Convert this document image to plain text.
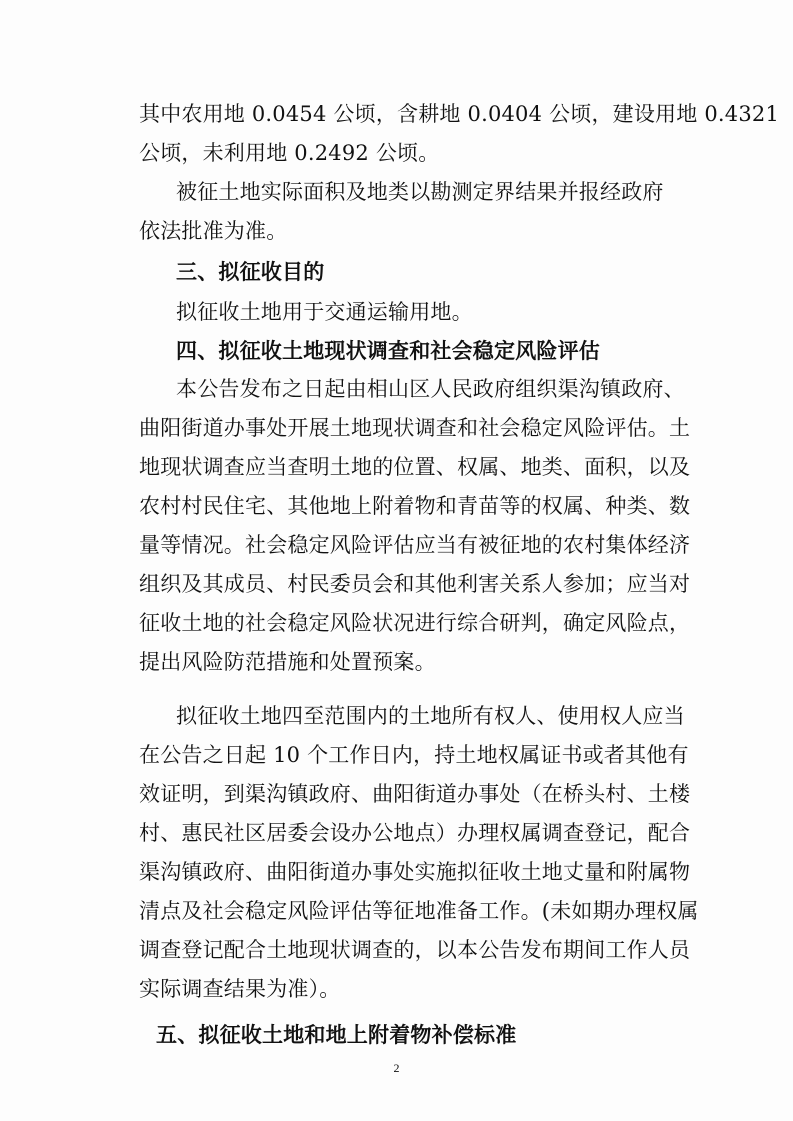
其中农用地 0.0454 公顷，含耕地 0.0404 公顷，建设用地 0.4321
公顷，未利用地 0.2492 公顷。
被征土地实际面积及地类以勘测定界结果并报经政府
依法批准为准。
三、拟征收目的
拟征收土地用于交通运输用地。
四、拟征收土地现状调查和社会稳定风险评估
本公告发布之日起由相山区人民政府组织渠沟镇政府、
曲阳街道办事处开展土地现状调查和社会稳定风险评估。土
地现状调查应当查明土地的位置、权属、地类、面积，以及
农村村民住宅、其他地上附着物和青苗等的权属、种类、数
量等情况。社会稳定风险评估应当有被征地的农村集体经济
组织及其成员、村民委员会和其他利害关系人参加；应当对
征收土地的社会稳定风险状况进行综合研判，确定风险点，
提出风险防范措施和处置预案。
拟征收土地四至范围内的土地所有权人、使用权人应当
在公告之日起 10 个工作日内，持土地权属证书或者其他有
效证明，到渠沟镇政府、曲阳街道办事处（在桥头村、土楼
村、惠民社区居委会设办公地点）办理权属调查登记，配合
渠沟镇政府、曲阳街道办事处实施拟征收土地丈量和附属物
清点及社会稳定风险评估等征地准备工作。(未如期办理权属
调查登记配合土地现状调查的，以本公告发布期间工作人员
实际调查结果为准）。
五、拟征收土地和地上附着物补偿标准
2
